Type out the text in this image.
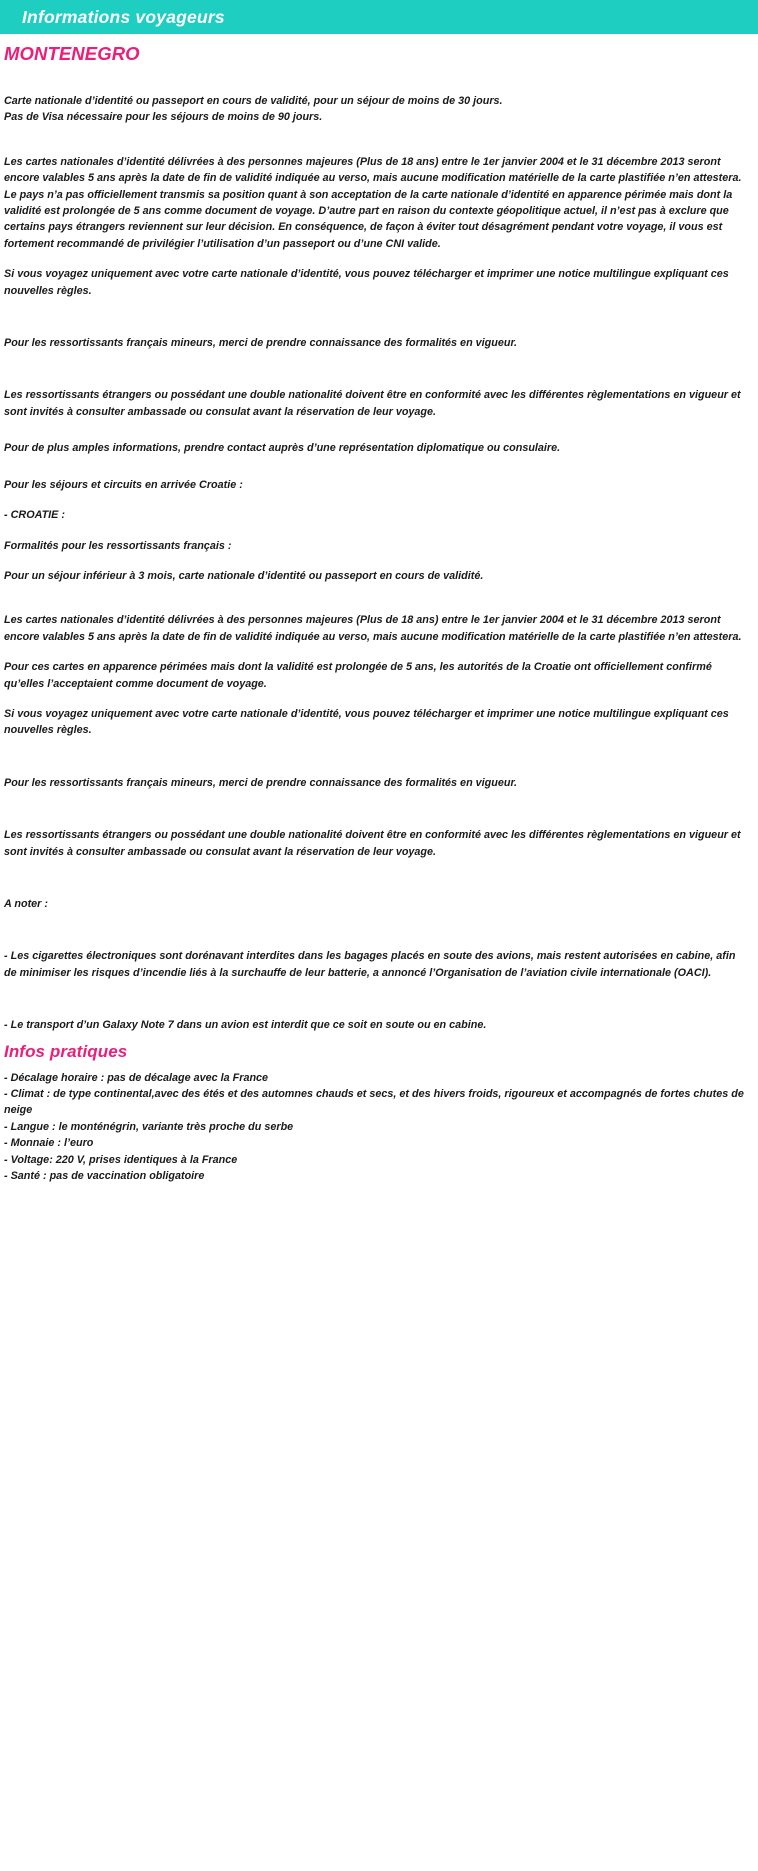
Informations voyageurs
MONTENEGRO

Carte nationale d’identité ou passeport en cours de validité, pour un séjour de moins de 30 jours.

Pas de Visa nécessaire pour les séjours de moins de 90 jours.

Les cartes nationales d’identité délivrées à des personnes majeures (Plus de 18 ans) entre le 1er janvier 2004 et le 31 décembre 2013 seront encore valables 5 ans après la date de fin de validité indiquée au verso, mais aucune modification matérielle de la carte plastifiée n’en attestera.

Le pays n’a pas officiellement transmis sa position quant à son acceptation de la carte nationale d’identité en apparence périmée mais dont la validité est prolongée de 5 ans comme document de voyage. D’autre part en raison du contexte géopolitique actuel, il n’est pas à exclure que certains pays étrangers reviennent sur leur décision. En conséquence, de façon à éviter tout désagrément pendant votre voyage, il vous est fortement recommandé de privilégier l’utilisation d’un passeport ou d’une CNI valide.

Si vous voyagez uniquement avec votre carte nationale d’identité, vous pouvez télécharger et imprimer une notice multilingue expliquant ces nouvelles règles.

Pour les ressortissants français mineurs, merci de prendre connaissance des formalités en vigueur.

Les ressortissants étrangers ou possédant une double nationalité doivent être en conformité avec les différentes règlementations en vigueur et sont invités à consulter ambassade ou consulat avant la réservation de leur voyage.

Pour de plus amples informations, prendre contact auprès d’une représentation diplomatique ou consulaire.

Pour les séjours et circuits en arrivée Croatie :

- CROATIE :

Formalités pour les ressortissants français :

Pour un séjour inférieur à 3 mois, carte nationale d’identité ou passeport en cours de validité.

Les cartes nationales d’identité délivrées à des personnes majeures (Plus de 18 ans) entre le 1er janvier 2004 et le 31 décembre 2013 seront encore valables 5 ans après la date de fin de validité indiquée au verso, mais aucune modification matérielle de la carte plastifiée n’en attestera.

Pour ces cartes en apparence périmées mais dont la validité est prolongée de 5 ans, les autorités de la Croatie ont officiellement confirmé qu’elles l’acceptaient comme document de voyage.

Si vous voyagez uniquement avec votre carte nationale d’identité, vous pouvez télécharger et imprimer une notice multilingue expliquant ces nouvelles règles.

Pour les ressortissants français mineurs, merci de prendre connaissance des formalités en vigueur.

Les ressortissants étrangers ou possédant une double nationalité doivent être en conformité avec les différentes règlementations en vigueur et sont invités à consulter ambassade ou consulat avant la réservation de leur voyage.

A noter :

- Les cigarettes électroniques sont dorénavant interdites dans les bagages placés en soute des avions, mais restent autorisées en cabine, afin de minimiser les risques d’incendie liés à la surchauffe de leur batterie, a annoncé l’Organisation de l’aviation civile internationale (OACI).

- Le transport d’un Galaxy Note 7 dans un avion est interdit que ce soit en soute ou en cabine.

Infos pratiques

- Décalage horaire : pas de décalage avec la France

- Climat : de type continental,avec des étés et des automnes chauds et secs, et des hivers froids, rigoureux et accompagnés de fortes chutes de neige

- Langue : le monténégrin, variante très proche du serbe

- Monnaie : l’euro

- Voltage: 220 V, prises identiques à la France

- Santé : pas de vaccination obligatoire
